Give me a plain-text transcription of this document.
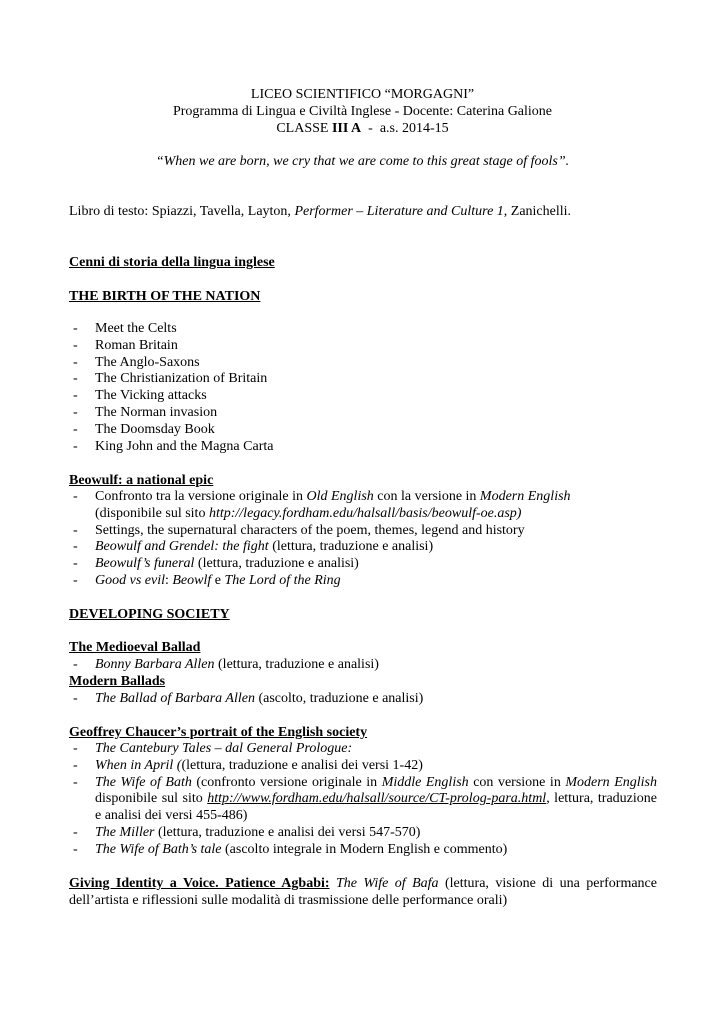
LICEO SCIENTIFICO “MORGAGNI”
Programma di Lingua e Civiltà Inglese - Docente: Caterina Galione
CLASSE III A  -  a.s. 2014-15
“When we are born, we cry that we are come to this great stage of fools”.
Libro di testo: Spiazzi, Tavella, Layton, Performer – Literature and Culture 1, Zanichelli.
Cenni di storia della lingua inglese
THE BIRTH OF THE NATION
- Meet the Celts
- Roman Britain
- The Anglo-Saxons
- The Christianization of Britain
- The Vicking attacks
- The Norman invasion
- The Doomsday Book
- King John and the Magna Carta
Beowulf: a national epic
- Confronto tra la versione originale in Old English con la versione in Modern English
(disponibile sul sito http://legacy.fordham.edu/halsall/basis/beowulf-oe.asp)
- Settings, the supernatural characters of the poem, themes, legend and history
- Beowulf and Grendel: the fight (lettura, traduzione e analisi)
- Beowulf’s funeral (lettura, traduzione e analisi)
- Good vs evil: Beowlf e The Lord of the Ring
DEVELOPING SOCIETY
The Medioeval Ballad
- Bonny Barbara Allen (lettura, traduzione e analisi)
Modern Ballads
- The Ballad of Barbara Allen (ascolto, traduzione e analisi)
Geoffrey Chaucer’s portrait of the English society
- The Cantebury Tales – dal General Prologue:
- When in April ((lettura, traduzione e analisi dei versi 1-42)
- The Wife of Bath (confronto versione originale in Middle English con versione in Modern English disponibile sul sito http://www.fordham.edu/halsall/source/CT-prolog-para.html, lettura, traduzione e analisi dei versi 455-486)
- The Miller (lettura, traduzione e analisi dei versi 547-570)
- The Wife of Bath’s tale (ascolto integrale in Modern English e commento)
Giving Identity a Voice. Patience Agbabi: The Wife of Bafa (lettura, visione di una performance dell’artista e riflessioni sulle modalità di trasmissione delle performance orali)
